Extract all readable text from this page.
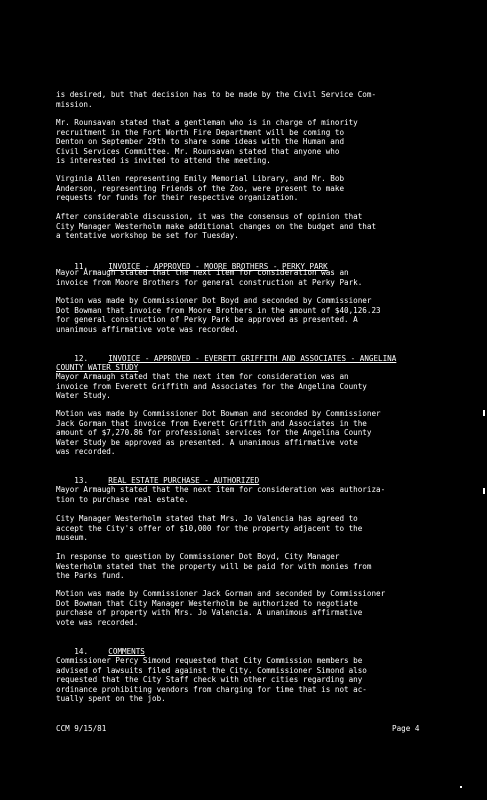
is desired, but that decision has to be made by the Civil Service Com-
mission.
Mr. Rounsavan stated that a gentleman who is in charge of minority
recruitment in the Fort Worth Fire Department will be coming to
Denton on September 29th to share some ideas with the Human and
Civil Services Committee. Mr. Rounsavan stated that anyone who
is interested is invited to attend the meeting.
Virginia Allen representing Emily Memorial Library, and Mr. Bob
Anderson, representing Friends of the Zoo, were present to make
requests for funds for their respective organization.
After considerable discussion, it was the consensus of opinion that
City Manager Westerholm make additional changes on the budget and that
a tentative workshop be set for Tuesday.

11.	INVOICE - APPROVED - MOORE BROTHERS - PERKY PARK

Mayor Armaugh stated that the next item for consideration was an
invoice from Moore Brothers for general construction at Perky Park.
Motion was made by Commissioner Dot Boyd and seconded by Commissioner
Dot Bowman that invoice from Moore Brothers in the amount of $40,126.23
for general construction of Perky Park be approved as presented. A
unanimous affirmative vote was recorded.

12.	INVOICE - APPROVED - EVERETT GRIFFITH AND ASSOCIATES - ANGELINA
COUNTY WATER STUDY

Mayor Armaugh stated that the next item for consideration was an
invoice from Everett Griffith and Associates for the Angelina County
Water Study.
Motion was made by Commissioner Dot Bowman and seconded by Commissioner
Jack Gorman that invoice from Everett Griffith and Associates in the
amount of $7,270.86 for professional services for the Angelina County
Water Study be approved as presented. A unanimous affirmative vote
was recorded.

13.	REAL ESTATE PURCHASE - AUTHORIZED

Mayor Armaugh stated that the next item for consideration was authoriza-
tion to purchase real estate.
City Manager Westerholm stated that Mrs. Jo Valencia has agreed to
accept the City's offer of $10,000 for the property adjacent to the
museum.
In response to question by Commissioner Dot Boyd, City Manager
Westerholm stated that the property will be paid for with monies from
the Parks fund.
Motion was made by Commissioner Jack Gorman and seconded by Commissioner
Dot Bowman that City Manager Westerholm be authorized to negotiate
purchase of property with Mrs. Jo Valencia. A unanimous affirmative
vote was recorded.

14.	COMMENTS

Commissioner Percy Simond requested that City Commission members be
advised of lawsuits filed against the City. Commissioner Simond also
requested that the City Staff check with other cities regarding any
ordinance prohibiting vendors from charging for time that is not ac-
tually spent on the job.
CCM 9/15/81	Page 4
